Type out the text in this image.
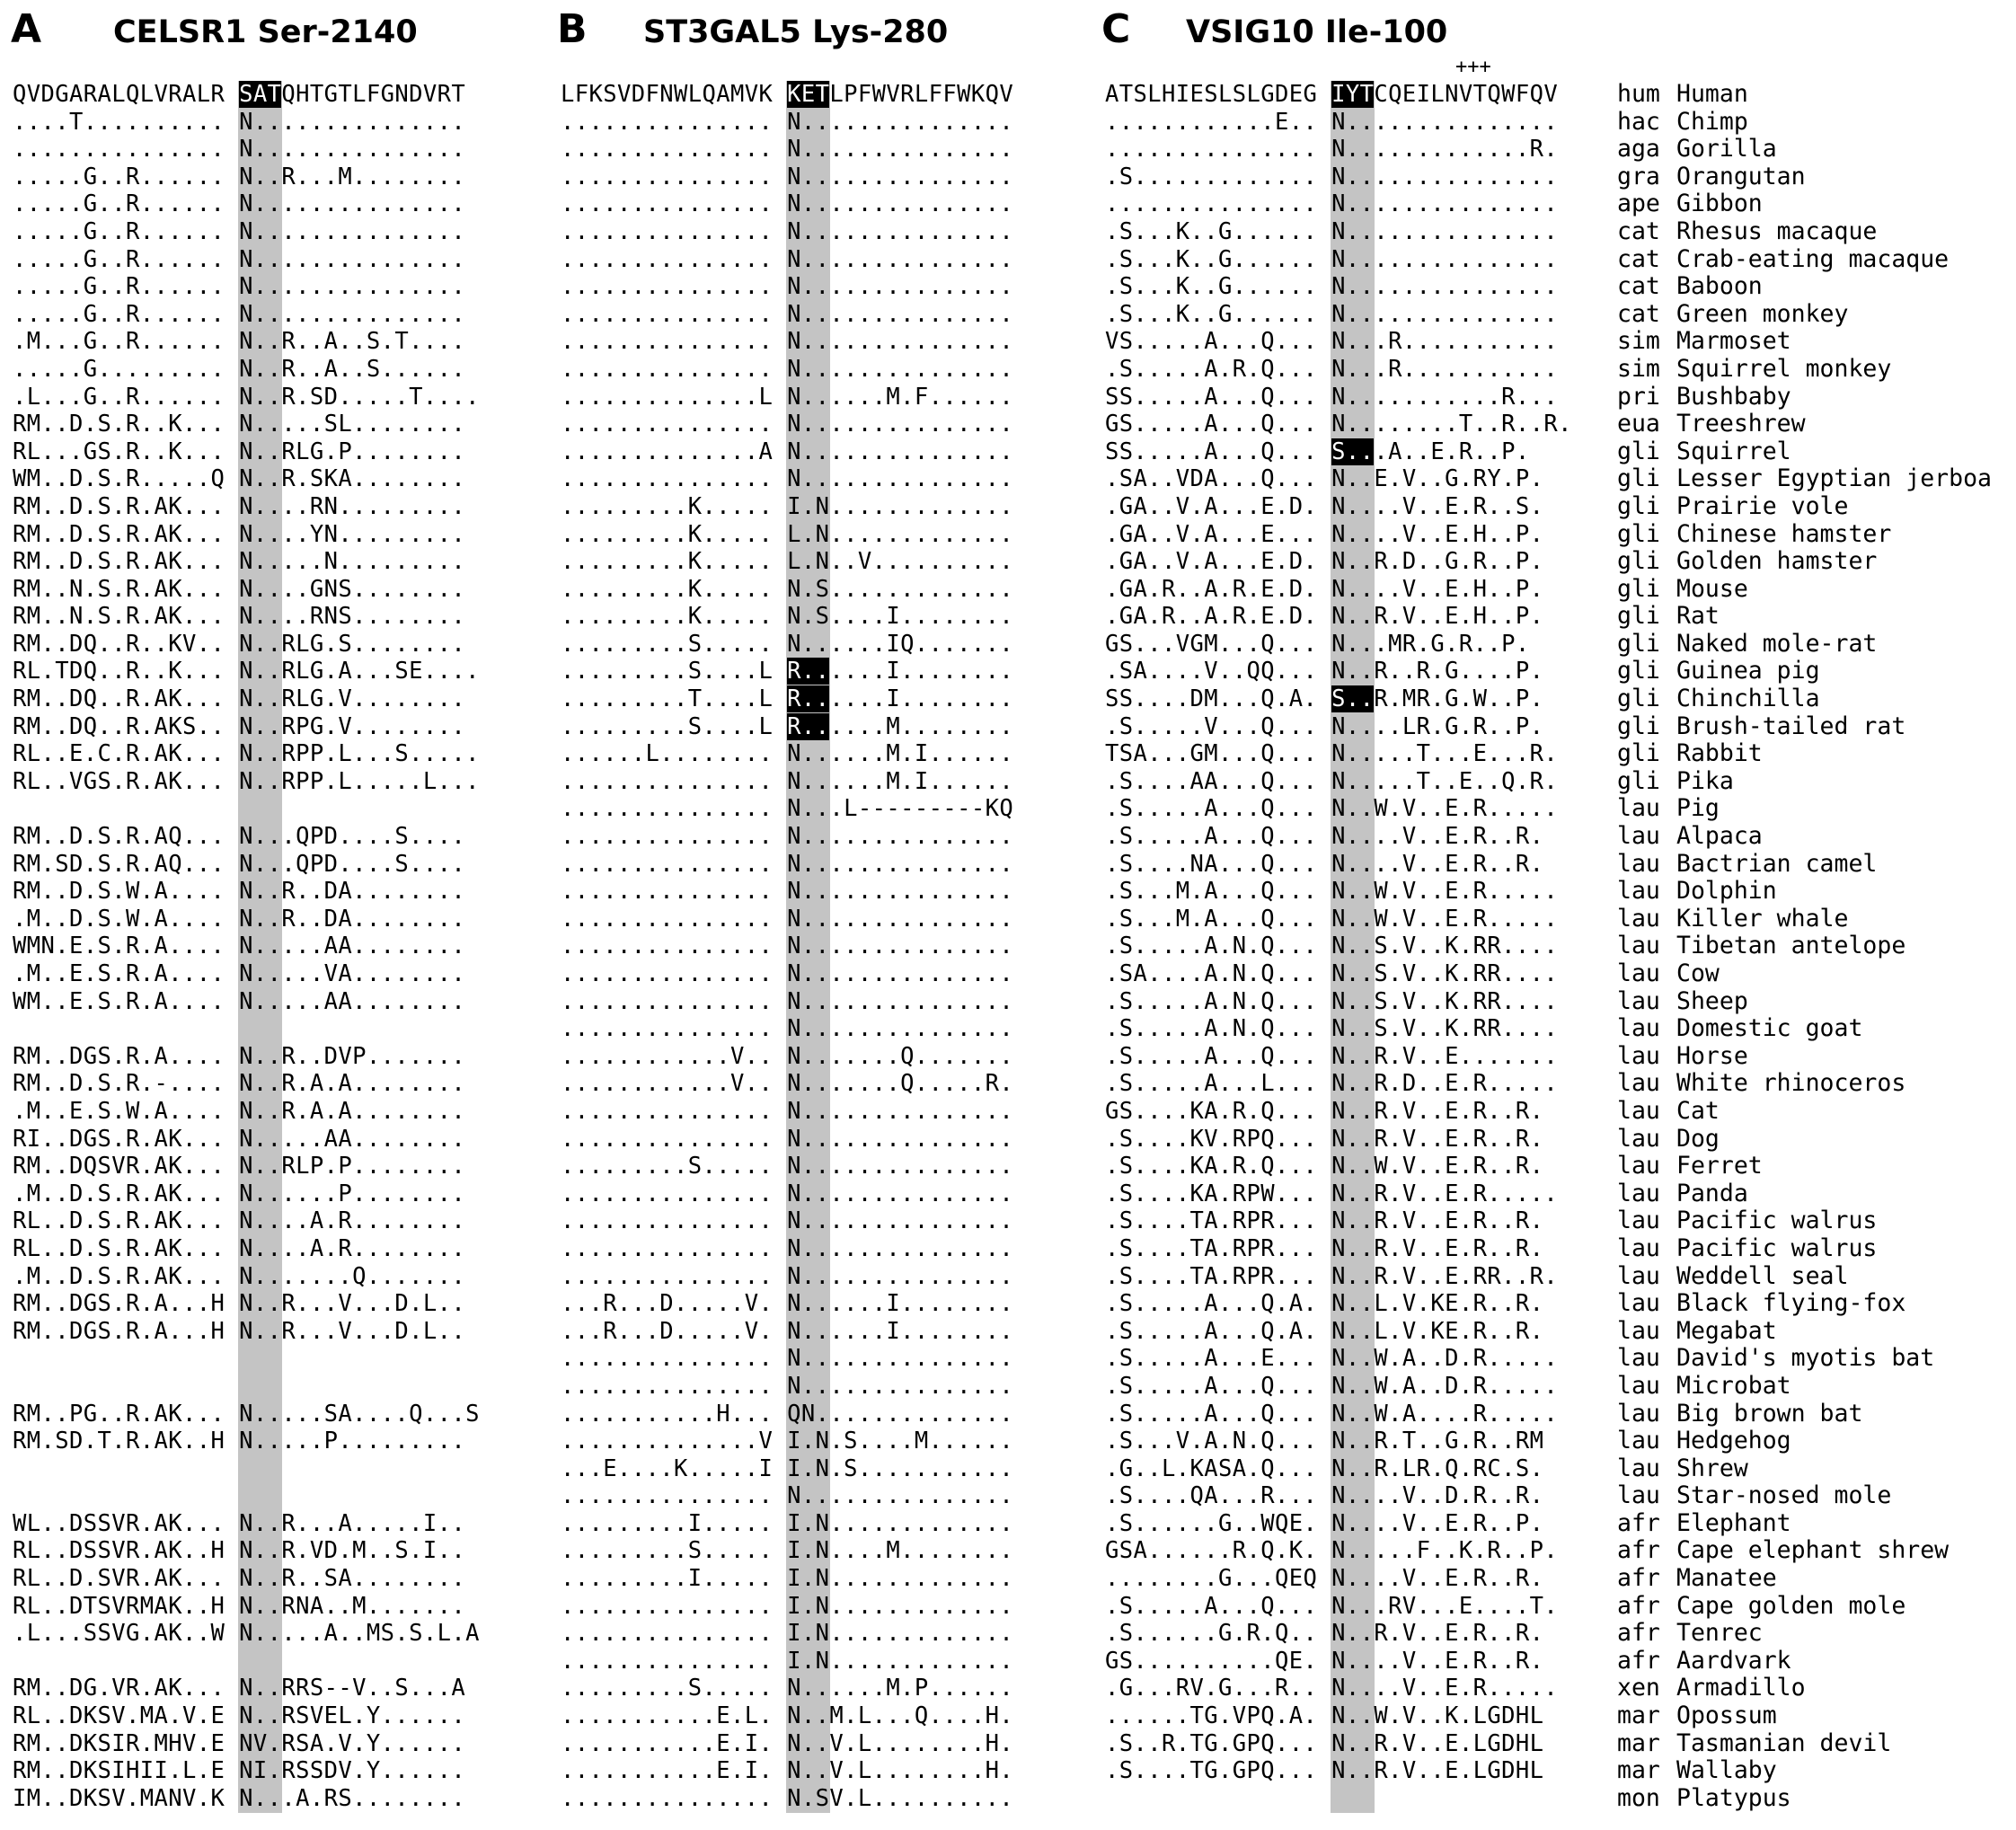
A CELSR1 Ser-2140	B ST3GAL5 Lys-280	C VSIG10 Ile-100
+++
QVDGARALQLVRALR SATQHTGTLFGNDVRT
....T.......... N...............
............... N...............
.....G..R...... N..R...M........
.....G..R...... N...............
.....G..R...... N...............
.....G..R...... N...............
.....G..R...... N...............
.....G..R...... N...............
.M...G..R...... N..R..A..S.T....
.....G......... N..R..A..S......
.L...G..R...... N..R.SD.....T....
RM..D.S.R..K... N.....SL........
RL...GS.R..K... N..RLG.P........
WM..D.S.R.....Q N..R.SKA........
RM..D.S.R.AK... N....RN.........
RM..D.S.R.AK... N....YN.........
RM..D.S.R.AK... N.....N.........
RM..N.S.R.AK... N....GNS........
RM..N.S.R.AK... N....RNS........
RM..DQ..R..KV.. N..RLG.S........
RL.TDQ..R..K... N..RLG.A...SE....
RM..DQ..R.AK... N..RLG.V........
RM..DQ..R.AKS.. N..RPG.V........
RL..E.C.R.AK... N..RPP.L...S.....
RL..VGS.R.AK... N..RPP.L.....L...
RM..D.S.R.AQ... N...QPD....S....
RM.SD.S.R.AQ... N...QPD....S....
RM..D.S.W.A.... N..R..DA........
.M..D.S.W.A.... N..R..DA........
WMN.E.S.R.A.... N.....AA........
.M..E.S.R.A.... N.....VA........
WM..E.S.R.A.... N.....AA........
RM..DGS.R.A.... N..R..DVP.......
RM..D.S.R.-.... N..R.A.A........
.M..E.S.W.A.... N..R.A.A........
RI..DGS.R.AK... N.....AA........
RM..DQSVR.AK... N..RLP.P........
.M..D.S.R.AK... N......P........
RL..D.S.R.AK... N....A.R........
RL..D.S.R.AK... N....A.R........
.M..D.S.R.AK... N.......Q.......
RM..DGS.R.A...H N..R...V...D.L..
RM..DGS.R.A...H N..R...V...D.L..
RM..PG..R.AK... N.....SA....Q...S
RM.SD.T.R.AK..H N.....P.........
WL..DSSVR.AK... N..R...A.....I..
RL..DSSVR.AK..H N..R.VD.M..S.I..
RL..D.SVR.AK... N..R..SA........
RL..DTSVRMAK..H N..RNA..M.......
.L...SSVG.AK..W N.....A..MS.S.L.A
RM..DG.VR.AK... N..RRS--V..S...A
RL..DKSV.MA.V.E N..RSVEL.Y......
RM..DKSIR.MHV.E NV.RSA.V.Y......
RM..DKSIHII.L.E NI.RSSDV.Y......
IM..DKSV.MANV.K N...A.RS........
LFKSVDFNWLQAMVK KETLPFWVRLFFWKQV
............... N...............
............... N...............
............... N...............
............... N...............
............... N...............
............... N...............
............... N...............
............... N...............
............... N...............
............... N...............
..............L N......M.F......
............... N...............
..............A N...............
............... N...............
.........K..... I.N.............
.........K..... L.N.............
.........K..... L.N..V..........
.........K..... N.S.............
.........K..... N.S....I........
.........S..... N......IQ.......
.........S....L R......I........
.........T....L R......I........
.........S....L R......M........
......L........ N......M.I......
............... N......M.I......
............... N...L---------KQ
............... N...............
............... N...............
............... N...............
............... N...............
............... N...............
............... N...............
............... N...............
............... N...............
............V.. N.......Q.......
............V.. N.......Q.....R.
............... N...............
............... N...............
.........S..... N...............
............... N...............
............... N...............
............... N...............
............... N...............
...R...D.....V. N......I........
...R...D.....V. N......I........
............... N...............
............... N...............
...........H... QN..............
..............V I.N.S....M......
...E....K.....I I.N.S...........
............... N...............
.........I..... I.N.............
.........S..... I.N....M........
.........I..... I.N.............
............... I.N.............
............... I.N.............
............... I.N.............
.........S..... N......M.P......
...........E.L. N..M.L...Q....H.
...........E.I. N..V.L........H.
...........E.I. N..V.L........H.
............... N.SV.L..........
ATSLHIESLSLGDEG IYTCQEILNVTQWFQV
............E.. N...............
............... N.............R.
.S............. N...............
............... N...............
.S...K..G...... N...............
.S...K..G...... N...............
.S...K..G...... N...............
.S...K..G...... N...............
VS.....A...Q... N...R...........
.S.....A.R.Q... N...R...........
SS.....A...Q... N...........R...
GS.....A...Q... N........T..R..R.
SS.....A...Q... S...A..E.R..P.
.SA..VDA...Q... N..E.V..G.RY.P.
.GA..V.A...E.D. N....V..E.R..S.
.GA..V.A...E... N....V..E.H..P.
.GA..V.A...E.D. N..R.D..G.R..P.
.GA.R..A.R.E.D. N....V..E.H..P.
.GA.R..A.R.E.D. N..R.V..E.H..P.
GS...VGM...Q... N...MR.G.R..P.
.SA....V..QQ... N..R..R.G....P.
SS....DM...Q.A. S..R.MR.G.W..P.
.S.....V...Q... N....LR.G.R..P.
TSA...GM...Q... N.....T...E...R.
.S....AA...Q... N.....T..E..Q.R.
.S.....A...Q... N..W.V..E.R.....
.S.....A...Q... N....V..E.R..R.
.S....NA...Q... N....V..E.R..R.
.S...M.A...Q... N..W.V..E.R.....
.S...M.A...Q... N..W.V..E.R.....
.S.....A.N.Q... N..S.V..K.RR....
.SA....A.N.Q... N..S.V..K.RR....
.S.....A.N.Q... N..S.V..K.RR....
.S.....A.N.Q... N..S.V..K.RR....
.S.....A...Q... N..R.V..E.......
.S.....A...L... N..R.D..E.R.....
GS....KA.R.Q... N..R.V..E.R..R.
.S....KV.RPQ... N..R.V..E.R..R.
.S....KA.R.Q... N..W.V..E.R..R.
.S....KA.RPW... N..R.V..E.R.....
.S....TA.RPR... N..R.V..E.R..R.
.S....TA.RPR... N..R.V..E.R..R.
.S....TA.RPR... N..R.V..E.RR..R.
.S.....A...Q.A. N..L.V.KE.R..R.
.S.....A...Q.A. N..L.V.KE.R..R.
.S.....A...E... N..W.A..D.R.....
.S.....A...Q... N..W.A..D.R.....
.S.....A...Q... N..W.A....R.....
.S...V.A.N.Q... N..R.T..G.R..RM
.G..L.KASA.Q... N..R.LR.Q.RC.S.
.S....QA...R... N....V..D.R..R.
.S......G..WQE. N....V..E.R..P.
GSA......R.Q.K. N.....F..K.R..P.
........G...QEQ N....V..E.R..R.
.S.....A...Q... N...RV...E....T.
.S......G.R.Q.. N..R.V..E.R..R.
GS..........QE. N....V..E.R..R.
.G...RV.G...R.. N....V..E.R.....
......TG.VPQ.A. N..W.V..K.LGDHL
.S..R.TG.GPQ... N..R.V..E.LGDHL
.S....TG.GPQ... N..R.V..E.LGDHL
hum Human
hac Chimp
aga Gorilla
gra Orangutan
ape Gibbon
cat Rhesus macaque
cat Crab-eating macaque
cat Baboon
cat Green monkey
sim Marmoset
sim Squirrel monkey
pri Bushbaby
eua Treeshrew
gli Squirrel
gli Lesser Egyptian jerboa
gli Prairie vole
gli Chinese hamster
gli Golden hamster
gli Mouse
gli Rat
gli Naked mole-rat
gli Guinea pig
gli Chinchilla
gli Brush-tailed rat
gli Rabbit
gli Pika
lau Pig
lau Alpaca
lau Bactrian camel
lau Dolphin
lau Killer whale
lau Tibetan antelope
lau Cow
lau Sheep
lau Domestic goat
lau Horse
lau White rhinoceros
lau Cat
lau Dog
lau Ferret
lau Panda
lau Pacific walrus
lau Pacific walrus
lau Weddell seal
lau Black flying-fox
lau Megabat
lau David's myotis bat
lau Microbat
lau Big brown bat
lau Hedgehog
lau Shrew
lau Star-nosed mole
afr Elephant
afr Cape elephant shrew
afr Manatee
afr Cape golden mole
afr Tenrec
afr Aardvark
xen Armadillo
mar Opossum
mar Tasmanian devil
mar Wallaby
mon Platypus
